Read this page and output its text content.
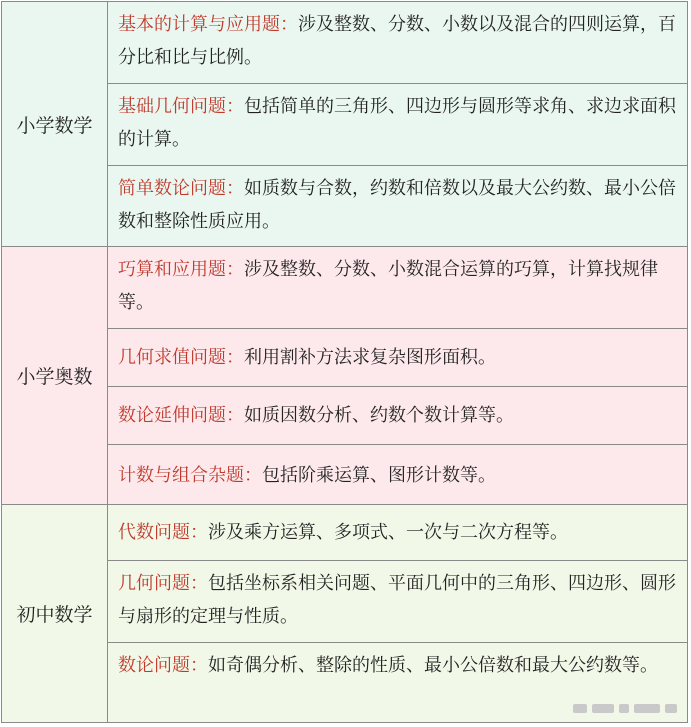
小学数学
基本的计算与应用题：涉及整数、分数、小数以及混合的四则运算，百分比和比与比例。
基础几何问题：包括简单的三角形、四边形与圆形等求角、求边求面积的计算。
简单数论问题：如质数与合数，约数和倍数以及最大公约数、最小公倍数和整除性质应用。
小学奥数
巧算和应用题：涉及整数、分数、小数混合运算的巧算，计算找规律等。
几何求值问题：利用割补方法求复杂图形面积。
数论延伸问题：如质因数分析、约数个数计算等。
计数与组合杂题：包括阶乘运算、图形计数等。
初中数学
代数问题：涉及乘方运算、多项式、一次与二次方程等。
几何问题：包括坐标系相关问题、平面几何中的三角形、四边形、圆形与扇形的定理与性质。
数论问题：如奇偶分析、整除的性质、最小公倍数和最大公约数等。
